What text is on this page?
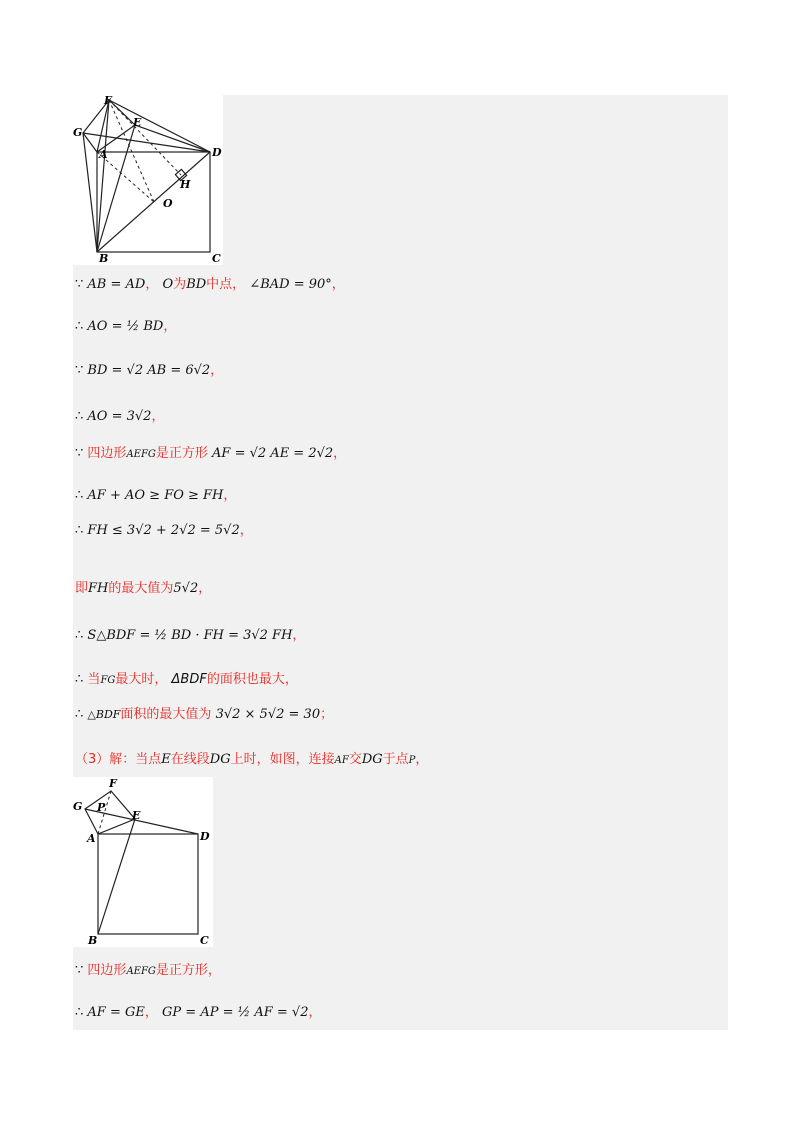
F
G
E
A	D
H
O
B	C
∵ AB = AD， O为BD中点， ∠BAD = 90°，
∴ AO = ½ BD，
∵ BD = √2 AB = 6√2，
∴ AO = 3√2，
∵ 四边形AEFG是正方形 AF = √2 AE = 2√2，
∴ AF + AO ≥ FO ≥ FH，
∴ FH ≤ 3√2 + 2√2 = 5√2，
即FH的最大值为5√2，
∴ S△BDF = ½ BD · FH = 3√2 FH，
∴ 当FG最大时， ΔBDF的面积也最大，
∴ △BDF面积的最大值为 3√2 × 5√2 = 30；
（3）解：当点E在线段DG上时，如图，连接AF交DG于点P，
F
G P
E
A	D
B	C
∵ 四边形AEFG是正方形，
∴ AF = GE， GP = AP = ½ AF = √2，
